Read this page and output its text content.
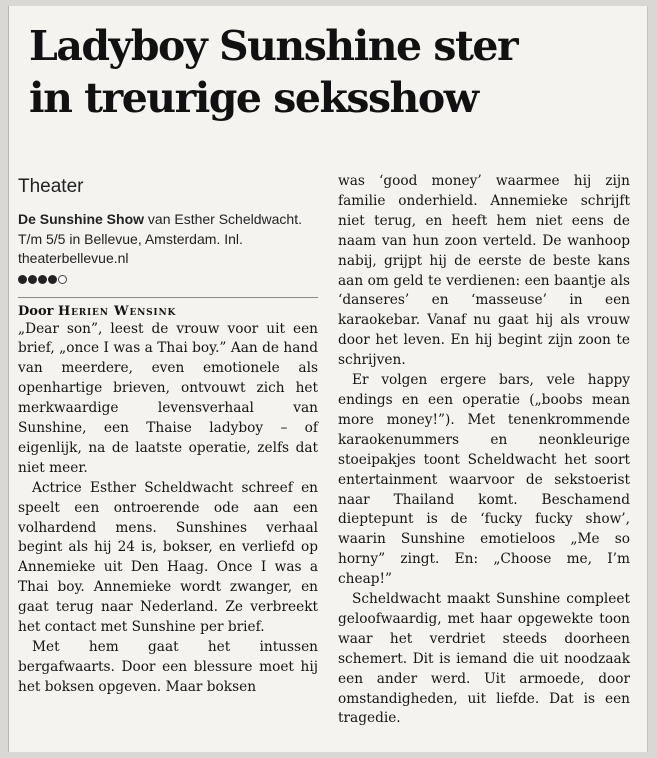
Ladyboy Sunshine ster
in treurige seksshow
Theater
De Sunshine Show van Esther Scheldwacht. T/m 5/5 in Bellevue, Amsterdam. Inl. theaterbellevue.nl
Door Herien Wensink

„Dear son”, leest de vrouw voor uit een brief, „once I was a Thai boy.” Aan de hand van meerdere, even emotionele als openhartige brieven, ontvouwt zich het merkwaardige levensverhaal van Sunshine, een Thaise ladyboy – of eigenlijk, na de laatste operatie, zelfs dat niet meer.

Actrice Esther Scheldwacht schreef en speelt een ontroerende ode aan een volhardend mens. Sunshines verhaal begint als hij 24 is, bokser, en verliefd op Annemieke uit Den Haag. Once I was a Thai boy. Annemieke wordt zwanger, en gaat terug naar Nederland. Ze verbreekt het contact met Sunshine per brief.

Met hem gaat het intussen bergafwaarts. Door een blessure moet hij het boksen opgeven. Maar boksen

was ‘good money’ waarmee hij zijn familie onderhield. Annemieke schrijft niet terug, en heeft hem niet eens de naam van hun zoon verteld. De wanhoop nabij, grijpt hij de eerste de beste kans aan om geld te verdienen: een baantje als ‘danseres’ en ‘masseuse’ in een karaokebar. Vanaf nu gaat hij als vrouw door het leven. En hij begint zijn zoon te schrijven.

Er volgen ergere bars, vele happy endings en een operatie („boobs mean more money!”). Met tenenkrommende karaokenummers en neonkleurige stoeipakjes toont Scheldwacht het soort entertainment waarvoor de sekstoerist naar Thailand komt. Beschamend dieptepunt is de ‘fucky fucky show’, waarin Sunshine emotieloos „Me so horny” zingt. En: „Choose me, I’m cheap!”

Scheldwacht maakt Sunshine compleet geloofwaardig, met haar opgewekte toon waar het verdriet steeds doorheen schemert. Dit is iemand die uit noodzaak een ander werd. Uit armoede, door omstandigheden, uit liefde. Dat is een tragedie.
